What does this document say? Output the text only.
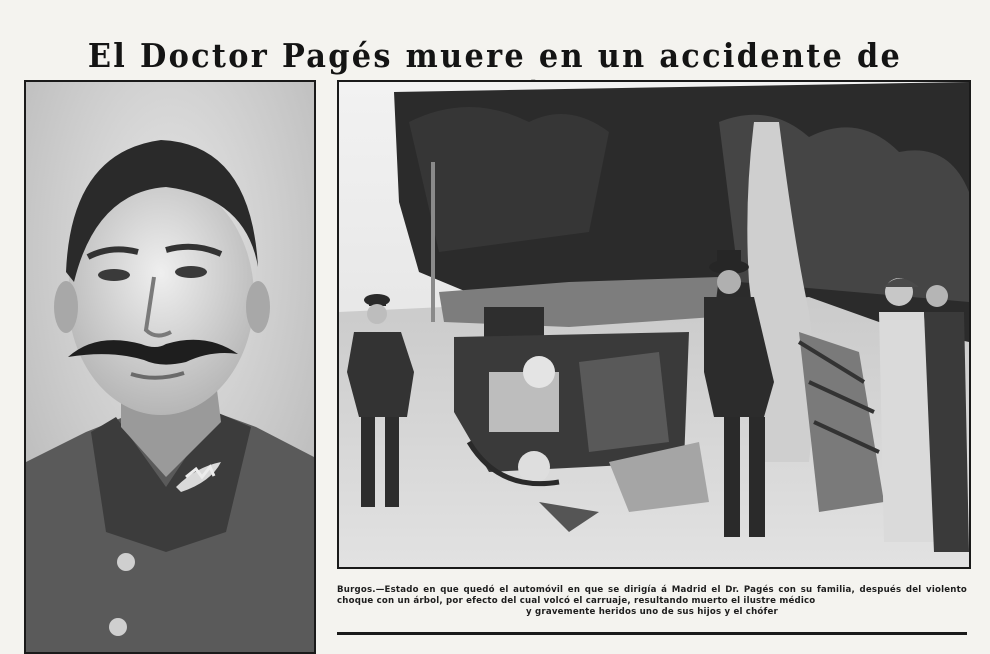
El Doctor Pagés muere en un accidente de

Burgos.—Estado en que quedó el automóvil en que se dirigía á Madrid el Dr. Pagés con su familia, después del violento choque con un árbol, por efecto del cual volcó el carruaje, resultando muerto el ilustre médico
y gravemente heridos uno de sus hijos y el chófer
